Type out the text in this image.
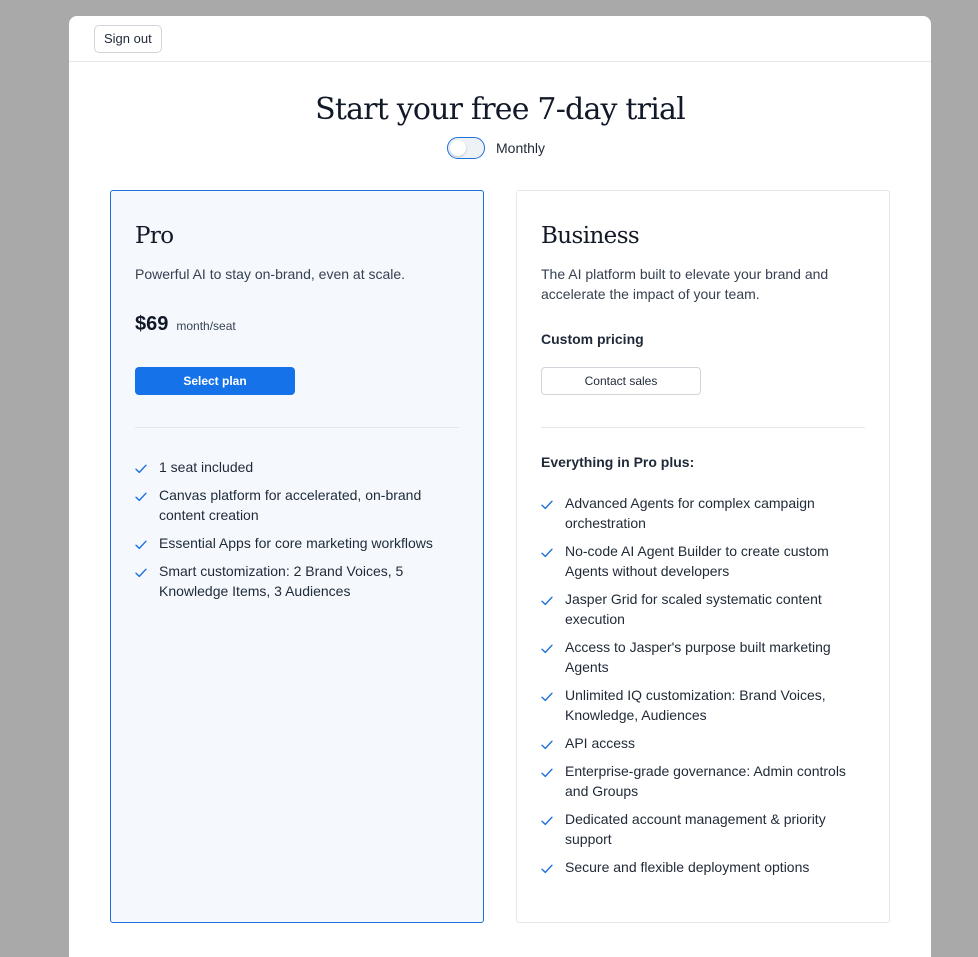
Sign out
Start your free 7-day trial
Monthly
Pro
Powerful AI to stay on-brand, even at scale.
$69 month/seat
Select plan
1 seat included
Canvas platform for accelerated, on-brand content creation
Essential Apps for core marketing workflows
Smart customization: 2 Brand Voices, 5 Knowledge Items, 3 Audiences
Business
The AI platform built to elevate your brand and accelerate the impact of your team.
Custom pricing
Contact sales
Everything in Pro plus:
Advanced Agents for complex campaign orchestration
No-code AI Agent Builder to create custom Agents without developers
Jasper Grid for scaled systematic content execution
Access to Jasper's purpose built marketing Agents
Unlimited IQ customization: Brand Voices, Knowledge, Audiences
API access
Enterprise-grade governance: Admin controls and Groups
Dedicated account management & priority support
Secure and flexible deployment options
